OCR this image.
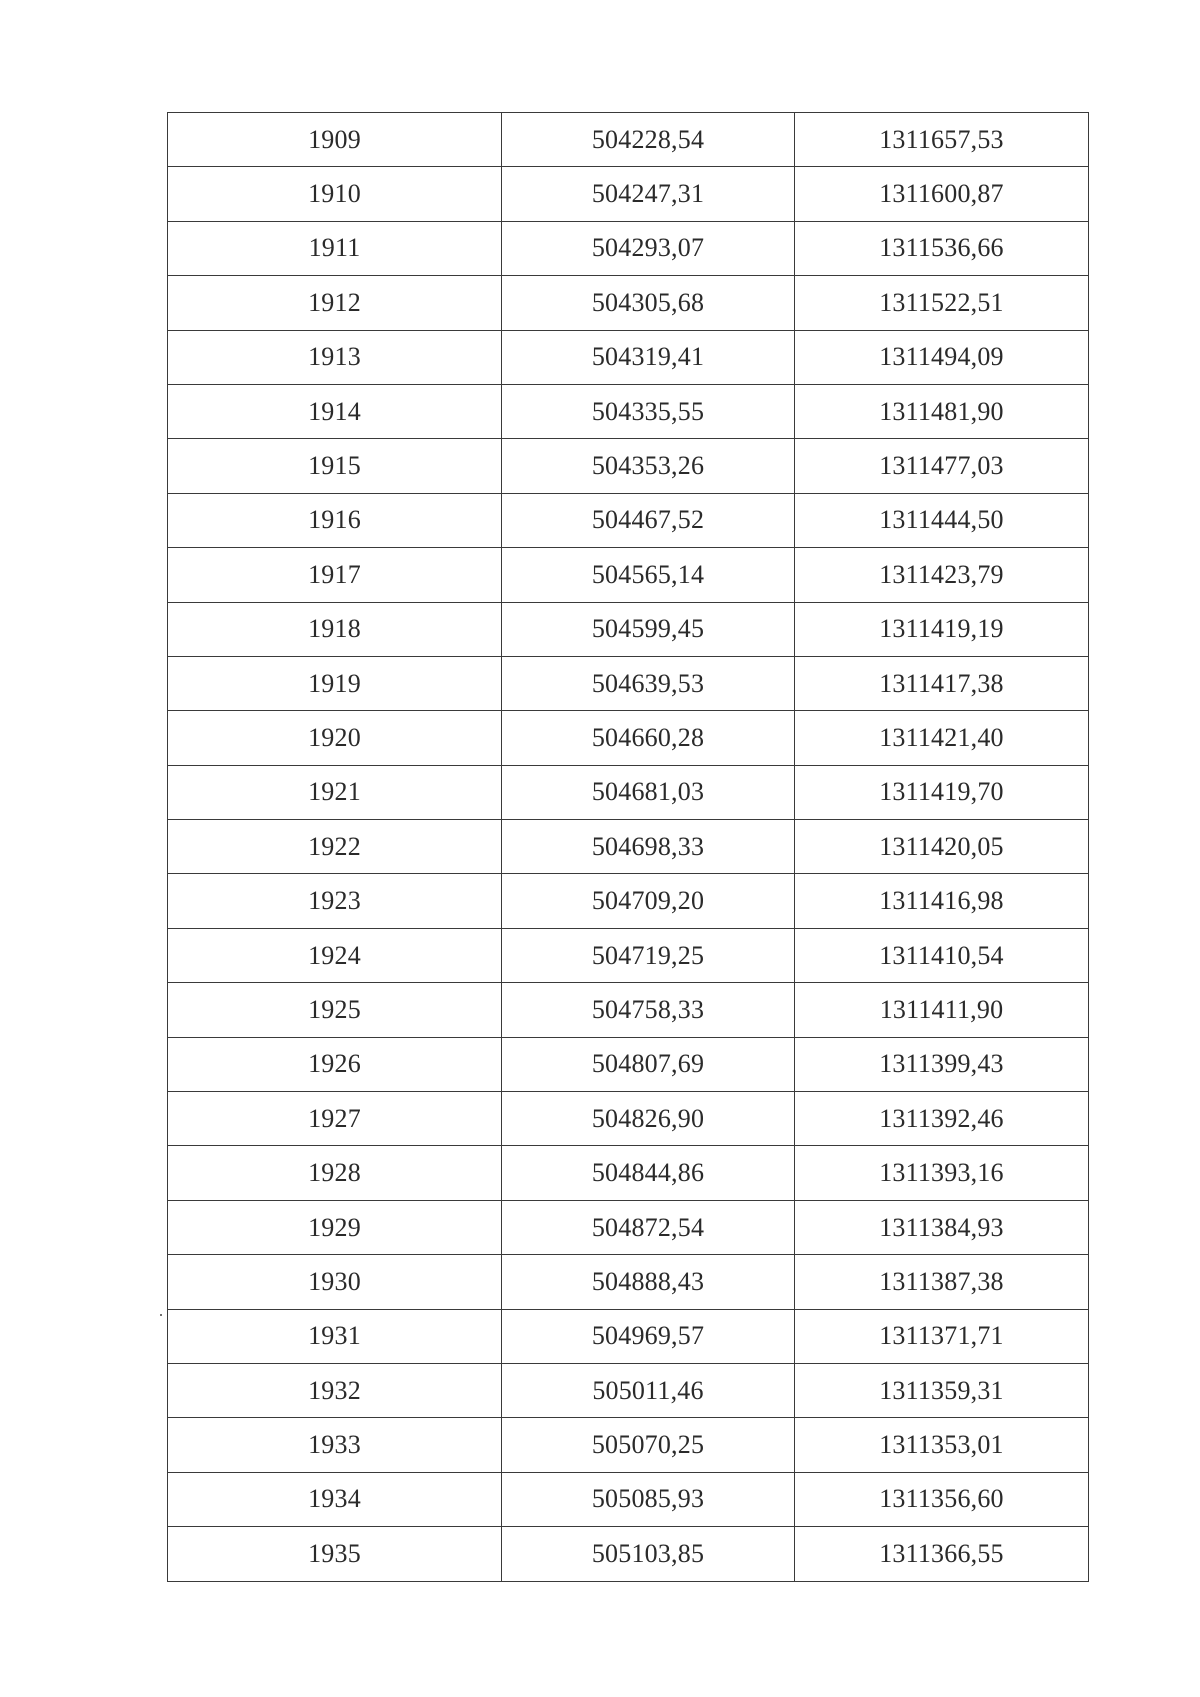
1909	504228,54	1311657,53
1910	504247,31	1311600,87
1911	504293,07	1311536,66
1912	504305,68	1311522,51
1913	504319,41	1311494,09
1914	504335,55	1311481,90
1915	504353,26	1311477,03
1916	504467,52	1311444,50
1917	504565,14	1311423,79
1918	504599,45	1311419,19
1919	504639,53	1311417,38
1920	504660,28	1311421,40
1921	504681,03	1311419,70
1922	504698,33	1311420,05
1923	504709,20	1311416,98
1924	504719,25	1311410,54
1925	504758,33	1311411,90
1926	504807,69	1311399,43
1927	504826,90	1311392,46
1928	504844,86	1311393,16
1929	504872,54	1311384,93
1930	504888,43	1311387,38
1931	504969,57	1311371,71
1932	505011,46	1311359,31
1933	505070,25	1311353,01
1934	505085,93	1311356,60
1935	505103,85	1311366,55
